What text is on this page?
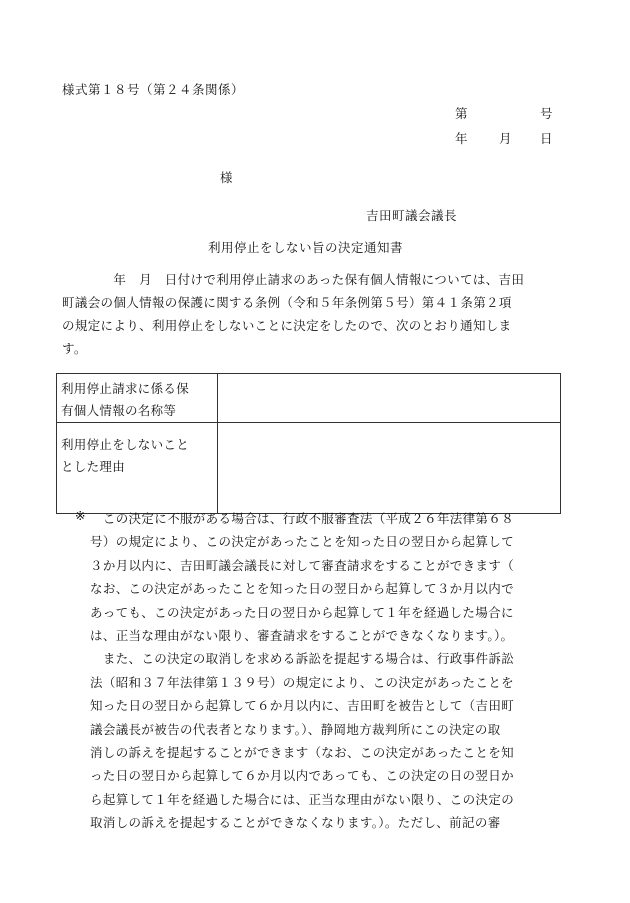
様式第１８号（第２４条関係）
第	号
年	月 日
様
吉田町議会議長
利用停止をしない旨の決定通知書
　　　　年　月　日付けで利用停止請求のあった保有個人情報については、吉田
町議会の個人情報の保護に関する条例（令和５年条例第５号）第４１条第２項
の規定により、利用停止をしないことに決定をしたので、次のとおり通知しま
す。
利用停止請求に係る保
有個人情報の名称等	
利用停止をしないこと
とした理由	
※
　	この決定に不服がある場合は、行政不服審査法（平成２６年法律第６８
号）の規定により、この決定があったことを知った日の翌日から起算して
３か月以内に、吉田町議会議長に対して審査請求をすることができます（
なお、この決定があったことを知った日の翌日から起算して３か月以内で
あっても、この決定があった日の翌日から起算して１年を経過した場合に
は、正当な理由がない限り、審査請求をすることができなくなります。）。
　また、この決定の取消しを求める訴訟を提起する場合は、行政事件訴訟
法（昭和３７年法律第１３９号）の規定により、この決定があったことを
知った日の翌日から起算して６か月以内に、吉田町を被告として（吉田町
議会議長が被告の代表者となります。）、静岡地方裁判所にこの決定の取
消しの訴えを提起することができます（なお、この決定があったことを知
った日の翌日から起算して６か月以内であっても、この決定の日の翌日か
ら起算して１年を経過した場合には、正当な理由がない限り、この決定の
取消しの訴えを提起することができなくなります。）。ただし、前記の審
